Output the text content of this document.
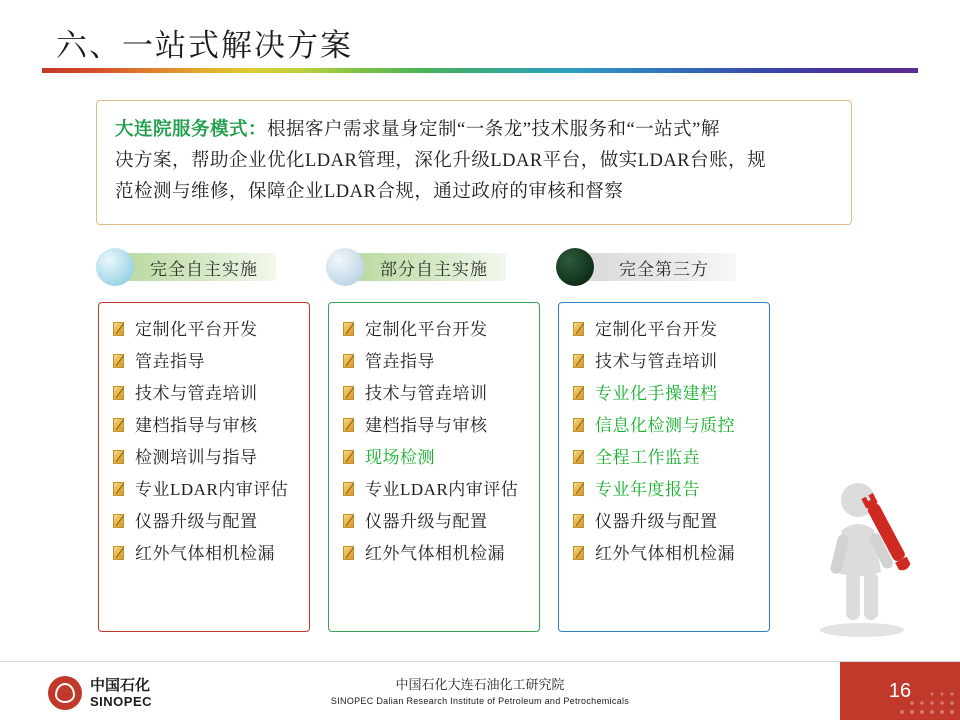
六、一站式解决方案
大连院服务模式：根据客户需求量身定制“一条龙”技术服务和“一站式”解
决方案，帮助企业优化LDAR管理，深化升级LDAR平台，做实LDAR台账，规
范检测与维修，保障企业LDAR合规，通过政府的审核和督察
完全自主实施	部分自主实施	完全第三方
定制化平台开发
管垚指导
技术与管垚培训
建档指导与审核
检测培训与指导
专业LDAR内审评估
仪器升级与配置
红外气体相机检漏
定制化平台开发
管垚指导
技术与管垚培训
建档指导与审核
现场检测
专业LDAR内审评估
仪器升级与配置
红外气体相机检漏
定制化平台开发
技术与管垚培训
专业化手操建档
信息化检测与质控
全程工作监垚
专业年度报告
仪器升级与配置
红外气体相机检漏
中国石化
SINOPEC
中国石化大连石油化工研究院
SINOPEC Dalian Research Institute of Petroleum and Petrochemicals	16
